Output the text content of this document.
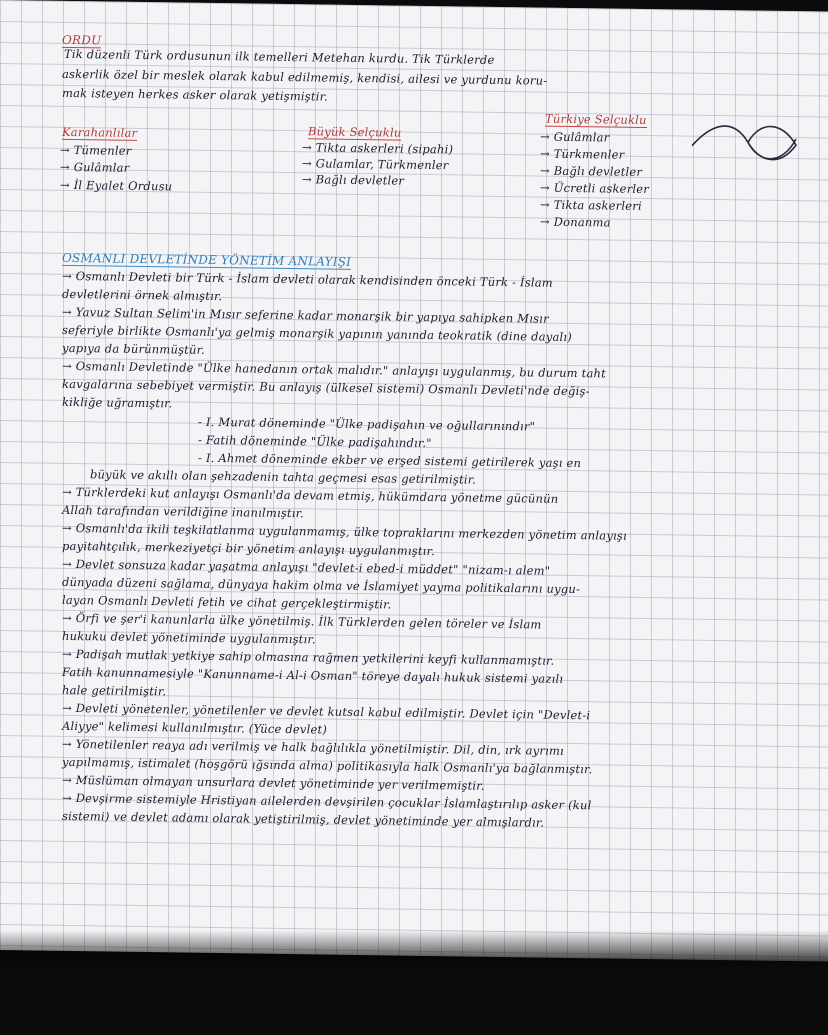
ORDU
Tik düzenli Türk ordusunun ilk temelleri Metehan kurdu. Tik Türklerde
askerlik özel bir meslek olarak kabul edilmemiş, kendisi, ailesi ve yurdunu koru-
mak isteyen herkes asker olarak yetişmiştir.
Karahanlılar
→ Tümenler
→ Gulâmlar
→ İl Eyalet Ordusu
Büyük Selçuklu
→ Tikta askerleri (sipahi)
→ Gulamlar, Türkmenler
→ Bağlı devletler
Türkiye Selçuklu
→ Gulâmlar
→ Türkmenler
→ Bağlı devletler
→ Ücretli askerler
→ Tikta askerleri
→ Donanma
OSMANLI DEVLETİNDE YÖNETİM ANLAYIŞI
→ Osmanlı Devleti bir Türk - İslam devleti olarak kendisinden önceki Türk - İslam
devletlerini örnek almıştır.
→ Yavuz Sultan Selim'in Mısır seferine kadar monarşik bir yapıya sahipken Mısır
seferiyle birlikte Osmanlı'ya gelmiş monarşik yapının yanında teokratik (dine dayalı)
yapıya da bürünmüştür.
→ Osmanlı Devletinde "Ülke hanedanın ortak malıdır." anlayışı uygulanmış, bu durum taht
kavgalarına sebebiyet vermiştir. Bu anlayış (ülkesel sistemi) Osmanlı Devleti'nde değiş-
kikliğe uğramıştır.
- I. Murat döneminde "Ülke padişahın ve oğullarınındır"
- Fatih döneminde "Ülke padişahındır."
- I. Ahmet döneminde ekber ve erşed sistemi getirilerek yaşı en
büyük ve akıllı olan şehzadenin tahta geçmesi esas getirilmiştir.
→ Türklerdeki kut anlayışı Osmanlı'da devam etmiş, hükümdara yönetme gücünün
Allah tarafından verildiğine inanılmıştır.
→ Osmanlı'da ikili teşkilatlanma uygulanmamış, ülke topraklarını merkezden yönetim anlayışı
payitahtçılık, merkeziyetçi bir yönetim anlayışı uygulanmıştır.
→ Devlet sonsuza kadar yaşatma anlayışı "devlet-i ebed-i müddet" "nizam-ı alem"
dünyada düzeni sağlama, dünyaya hakim olma ve İslamiyet yayma politikalarını uygu-
layan Osmanlı Devleti fetih ve cihat gerçekleştirmiştir.
→ Örfi ve şer'i kanunlarla ülke yönetilmiş. İlk Türklerden gelen töreler ve İslam
hukuku devlet yönetiminde uygulanmıştır.
→ Padişah mutlak yetkiye sahip olmasına rağmen yetkilerini keyfi kullanmamıştır.
Fatih kanunnamesiyle "Kanunname-i Al-i Osman" töreye dayalı hukuk sistemi yazılı
hale getirilmiştir.
→ Devleti yönetenler, yönetilenler ve devlet kutsal kabul edilmiştir. Devlet için "Devlet-i
Aliyye" kelimesi kullanılmıştır. (Yüce devlet)
→ Yönetilenler reaya adı verilmiş ve halk bağlılıkla yönetilmiştir. Dil, din, ırk ayrımı
yapılmamış, istimalet (hoşgörü ığsında alma) politikasıyla halk Osmanlı'ya bağlanmıştır.
→ Müslüman olmayan unsurlara devlet yönetiminde yer verilmemiştir.
→ Devşirme sistemiyle Hristiyan ailelerden devşirilen çocuklar İslamlaştırılıp asker (kul
sistemi) ve devlet adamı olarak yetiştirilmiş, devlet yönetiminde yer almışlardır.
